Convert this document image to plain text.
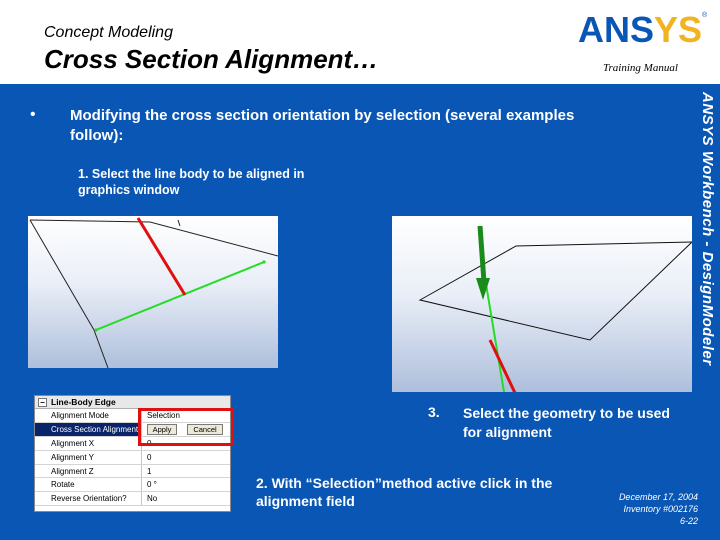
Concept Modeling
Cross Section Alignment…
ANS YS ®
Training Manual
ANSYS Workbench - DesignModeler
• Modifying the cross section orientation by selection (several examples follow):
1. Select the line body to be aligned in graphics window
− Line-Body Edge
Alignment Mode	Selection
Cross Section Alignment	Apply	Cancel
Alignment X	0
Alignment Y	0
Alignment Z	1
Rotate	0 °
Reverse Orientation?	No
3. Select the geometry to be used for alignment
2. With “Selection”method active click in the alignment field	December 17, 2004
Inventory #002176
6-22
